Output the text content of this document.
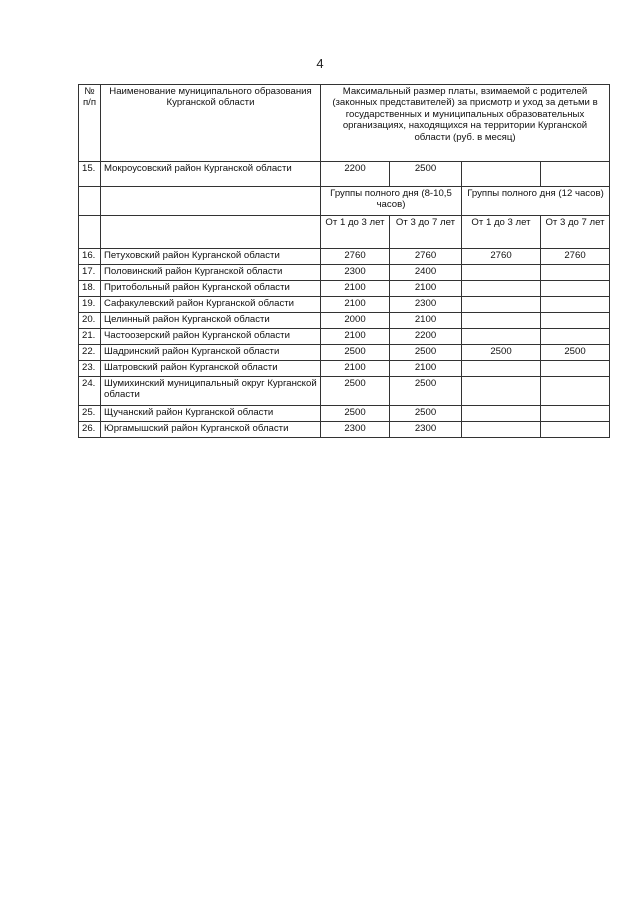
4
№ п/п	Наименование муниципального образования Курганской области	Максимальный размер платы, взимаемой с родителей (законных представителей) за присмотр и уход за детьми в государственных и муниципальных образовательных организациях, находящихся на территории Курганской области (руб. в месяц)			
15.	Мокроусовский район Курганской области	2200	2500		
		Группы полного дня (8-10,5 часов)		Группы полного дня (12 часов)	
		От 1 до 3 лет	От 3 до 7 лет	От 1 до 3 лет	От 3 до 7 лет
16.	Петуховский район Курганской области	2760	2760	2760	2760
17.	Половинский район Курганской области	2300	2400		
18.	Притобольный район Курганской области	2100	2100		
19.	Сафакулевский район Курганской области	2100	2300		
20.	Целинный район Курганской области	2000	2100		
21.	Частоозерский район Курганской области	2100	2200		
22.	Шадринский район Курганской области	2500	2500	2500	2500
23.	Шатровский район Курганской области	2100	2100		
24.	Шумихинский муниципальный округ Курганской области	2500	2500		
25.	Щучанский район Курганской области	2500	2500		
26.	Юргамышский район Курганской области	2300	2300		
